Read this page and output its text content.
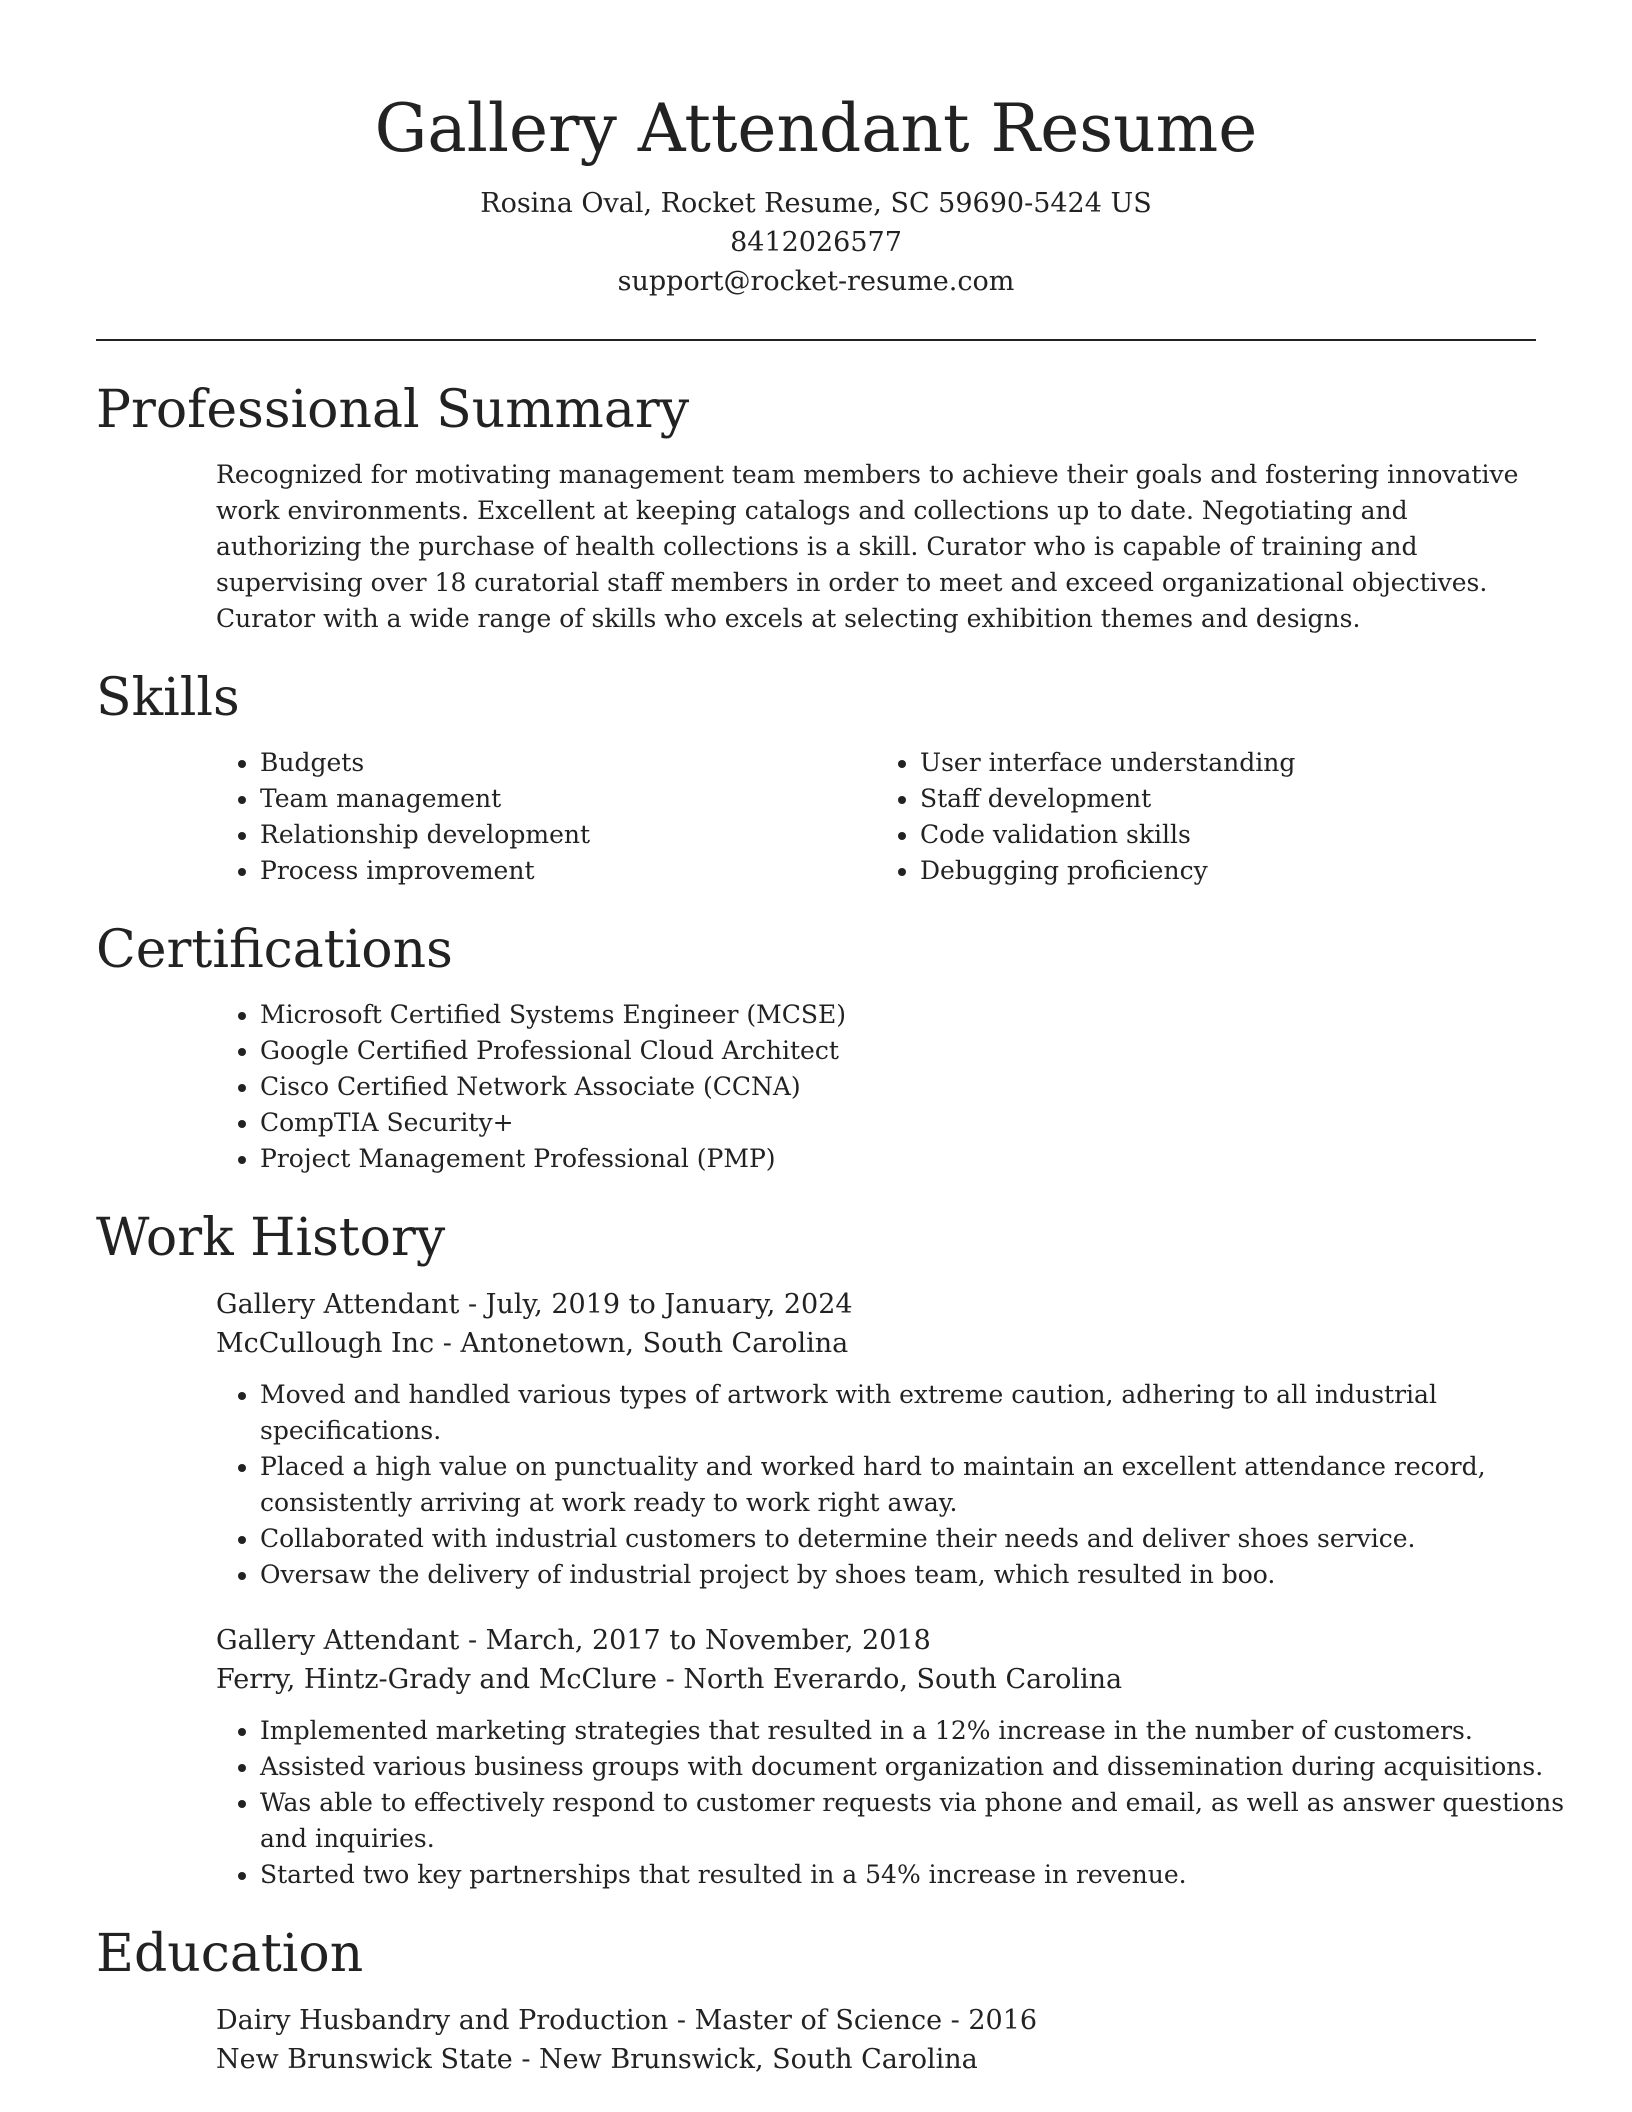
Gallery Attendant Resume
Rosina Oval, Rocket Resume, SC 59690-5424 US
8412026577
support@rocket-resume.com
Professional Summary
Recognized for motivating management team members to achieve their goals and fostering innovative work environments. Excellent at keeping catalogs and collections up to date. Negotiating and authorizing the purchase of health collections is a skill. Curator who is capable of training and supervising over 18 curatorial staff members in order to meet and exceed organizational objectives. Curator with a wide range of skills who excels at selecting exhibition themes and designs.
Skills
• Budgets
• Team management
• Relationship development
• Process improvement
• User interface understanding
• Staff development
• Code validation skills
• Debugging proficiency
Certifications
• Microsoft Certified Systems Engineer (MCSE)
• Google Certified Professional Cloud Architect
• Cisco Certified Network Associate (CCNA)
• CompTIA Security+
• Project Management Professional (PMP)
Work History
Gallery Attendant - July, 2019 to January, 2024
McCullough Inc - Antonetown, South Carolina
• Moved and handled various types of artwork with extreme caution, adhering to all industrial specifications.
• Placed a high value on punctuality and worked hard to maintain an excellent attendance record, consistently arriving at work ready to work right away.
• Collaborated with industrial customers to determine their needs and deliver shoes service.
• Oversaw the delivery of industrial project by shoes team, which resulted in boo.
Gallery Attendant - March, 2017 to November, 2018
Ferry, Hintz-Grady and McClure - North Everardo, South Carolina
• Implemented marketing strategies that resulted in a 12% increase in the number of customers.
• Assisted various business groups with document organization and dissemination during acquisitions.
• Was able to effectively respond to customer requests via phone and email, as well as answer questions and inquiries.
• Started two key partnerships that resulted in a 54% increase in revenue.
Education
Dairy Husbandry and Production - Master of Science - 2016
New Brunswick State - New Brunswick, South Carolina
